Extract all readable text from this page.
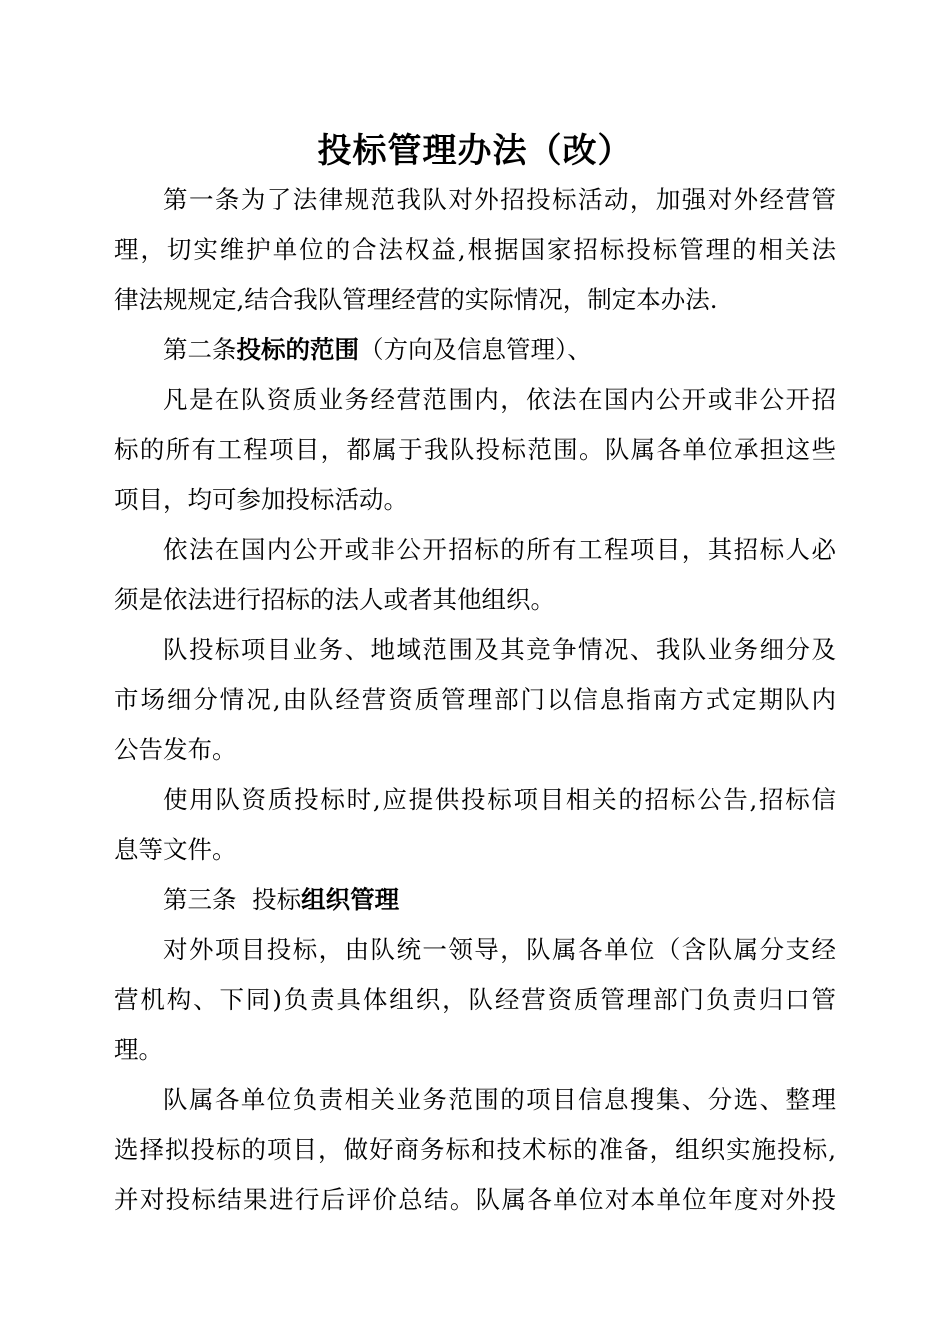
投标管理办法（改）
第一条为了法律规范我队对外招投标活动，加强对外经营管
理，切实维护单位的合法权益,根据国家招标投标管理的相关法
律法规规定,结合我队管理经营的实际情况，制定本办法.
第二条投标的范围（方向及信息管理）、
凡是在队资质业务经营范围内，依法在国内公开或非公开招
标的所有工程项目，都属于我队投标范围。队属各单位承担这些
项目，均可参加投标活动。
依法在国内公开或非公开招标的所有工程项目，其招标人必
须是依法进行招标的法人或者其他组织。
队投标项目业务、地域范围及其竞争情况、我队业务细分及
市场细分情况,由队经营资质管理部门以信息指南方式定期队内
公告发布。
使用队资质投标时,应提供投标项目相关的招标公告,招标信
息等文件。
第三条  投标组织管理
对外项目投标，由队统一领导，队属各单位（含队属分支经
营机构、下同)负责具体组织，队经营资质管理部门负责归口管
理。
队属各单位负责相关业务范围的项目信息搜集、分选、整理
选择拟投标的项目，做好商务标和技术标的准备，组织实施投标,
并对投标结果进行后评价总结。队属各单位对本单位年度对外投
